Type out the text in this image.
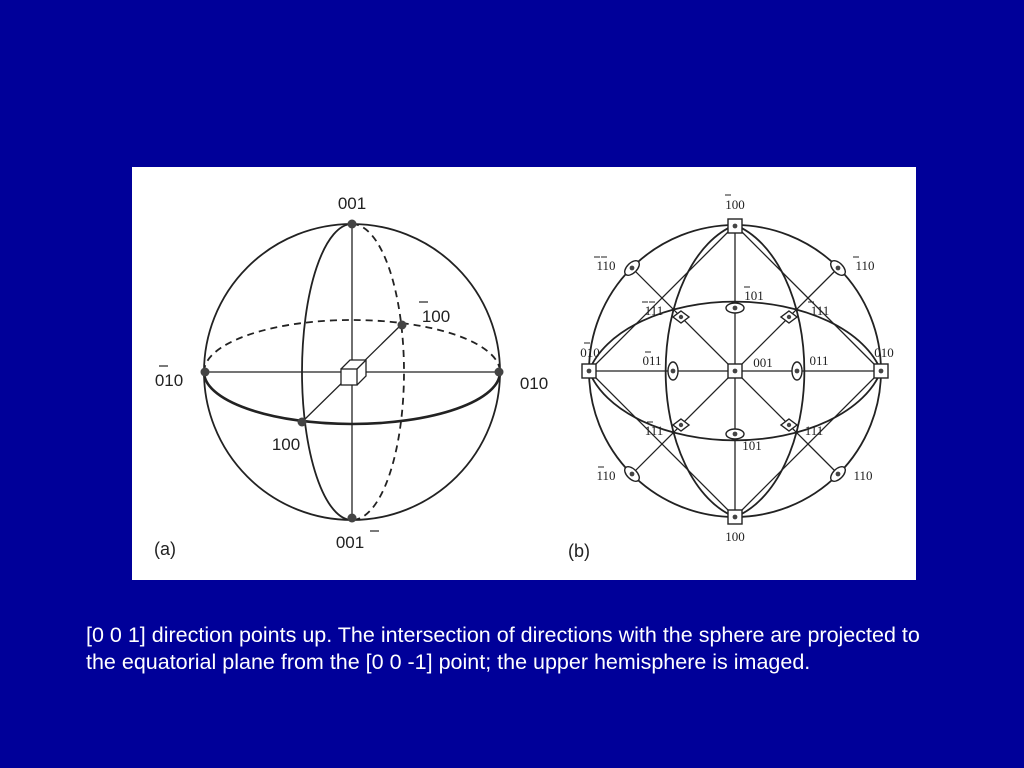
001
001
010	010
100
100
(a)
100
100
010	010
001
101
101
011	011
111	111
111	111
110	110
110	110
(b)

[0 0 1] direction points up. The intersection of directions with the sphere are projected to the equatorial plane from the [0 0 -1] point; the upper hemisphere is imaged.
